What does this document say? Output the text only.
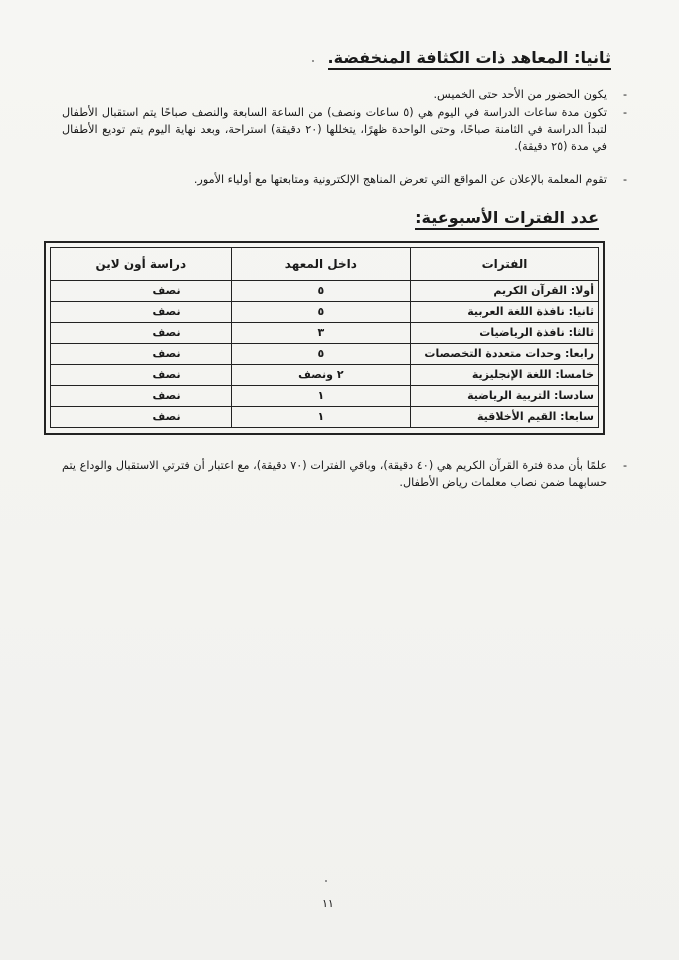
ثانيا: المعاهد ذات الكثافة المنخفضة.
-
يكون الحضور من الأحد حتى الخميس.
-
تكون مدة ساعات الدراسة في اليوم هي (٥ ساعات ونصف) من الساعة السابعة والنصف صباحًا يتم استقبال الأطفال لتبدأ الدراسة في الثامنة صباحًا، وحتى الواحدة ظهرًا، يتخللها (٢٠ دقيقة) استراحة، وبعد نهاية اليوم يتم توديع الأطفال في مدة (٢٥ دقيقة).
-
تقوم المعلمة بالإعلان عن المواقع التي تعرض المناهج الإلكترونية ومتابعتها مع أولياء الأمور.
عدد الفترات الأسبوعية:
الفترات	داخل المعهد	دراسة أون لاين
أولا: القرآن الكريم	٥	نصف
ثانيا: نافذة اللغة العربية	٥	نصف
ثالثا: نافذة الرياضيات	٣	نصف
رابعا: وحدات متعددة التخصصات	٥	نصف
خامسا: اللغة الإنجليزية	٢ ونصف	نصف
سادسا: التربية الرياضية	١	نصف
سابعا: القيم الأخلاقية	١	نصف
-
علمًا بأن مدة فترة القرآن الكريم هي (٤٠ دقيقة)، وباقي الفترات (٧٠ دقيقة)، مع اعتبار أن فترتي الاستقبال والوداع يتم حسابهما ضمن نصاب معلمات رياض الأطفال.
١١
